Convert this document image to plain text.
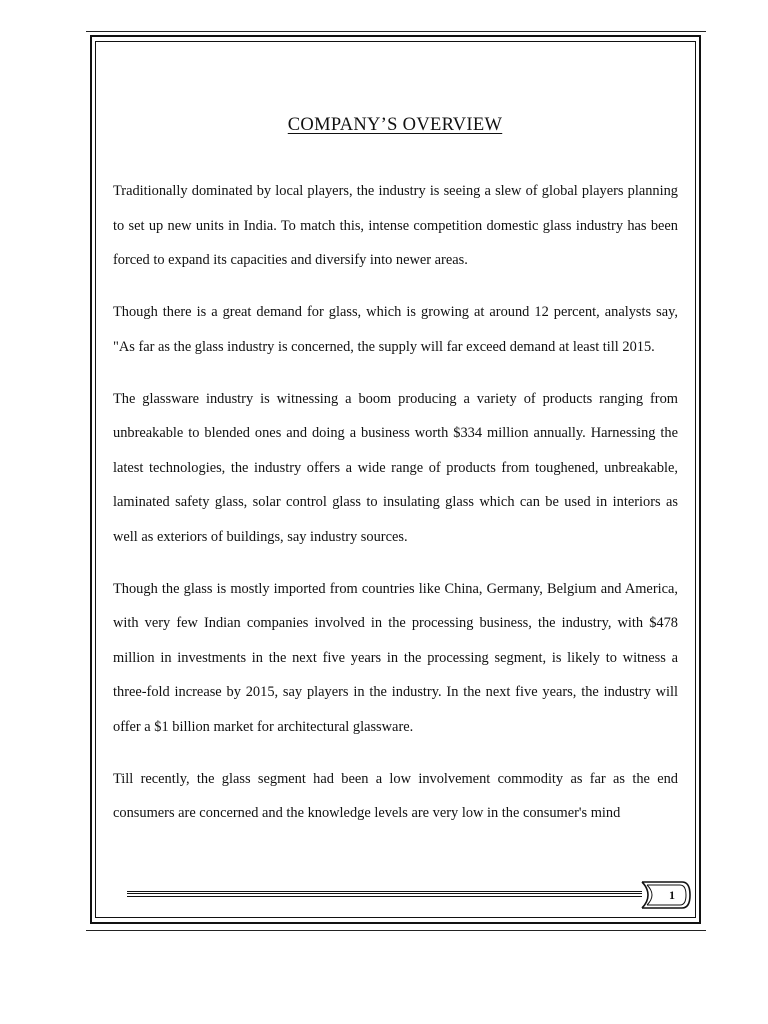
COMPANY’S OVERVIEW

Traditionally dominated by local players, the industry is seeing a slew of global players planning to set up new units in India. To match this, intense competition domestic glass industry has been forced to expand its capacities and diversify into newer areas.

Though there is a great demand for glass, which is growing at around 12 percent, analysts say, "As far as the glass industry is concerned, the supply will far exceed demand at least till 2015.

The glassware industry is witnessing a boom producing a variety of products ranging from unbreakable to blended ones and doing a business worth $334 million annually. Harnessing the latest technologies, the industry offers a wide range of products from toughened, unbreakable, laminated safety glass, solar control glass to insulating glass which can be used in interiors as well as exteriors of buildings, say industry sources.

Though the glass is mostly imported from countries like China, Germany, Belgium and America, with very few Indian companies involved in the processing business, the industry, with $478 million in investments in the next five years in the processing segment, is likely to witness a three-fold increase by 2015, say players in the industry. In the next five years, the industry will offer a $1 billion market for architectural glassware.

Till recently, the glass segment had been a low involvement commodity as far as the end consumers are concerned and the knowledge levels are very low in the consumer's mind

1
